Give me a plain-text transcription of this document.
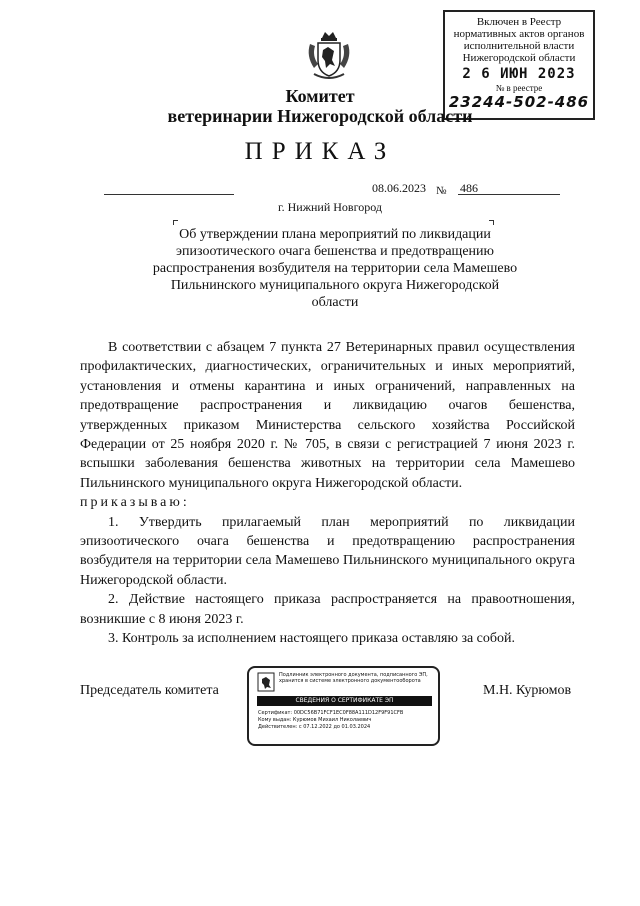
Включен в Реестр
нормативных актов органов
исполнительной власти
Нижегородской области
2 6 ИЮН 2023
№ в реестре
23244-502-486
Комитет
ветеринарии Нижегородской области
ПРИКАЗ
08.06.2023 № 486
г. Нижний Новгород
Об утверждении плана мероприятий по ликвидации эпизоотического очага бешенства и предотвращению распространения возбудителя на территории села Мамешево Пильнинского муниципального округа Нижегородской области

В соответствии с абзацем 7 пункта 27 Ветеринарных правил осуществления профилактических, диагностических, ограничительных и иных мероприятий, установления и отмены карантина и иных ограничений, направленных на предотвращение распространения и ликвидацию очагов бешенства, утвержденных приказом Министерства сельского хозяйства Российской Федерации от 25 ноября 2020 г. № 705, в связи с регистрацией 7 июня 2023 г. вспышки заболевания бешенства животных на территории села Мамешево Пильнинского муниципального округа Нижегородской области.

приказываю:

1. Утвердить прилагаемый план мероприятий по ликвидации эпизоотического очага бешенства и предотвращению распространения возбудителя на территории села Мамешево Пильнинского муниципального округа Нижегородской области.

2. Действие настоящего приказа распространяется на правоотношения, возникшие с 8 июня 2023 г.

3. Контроль за исполнением настоящего приказа оставляю за собой.

Председатель комитета	М.Н. Курюмов
Подлинник электронного документа, подписанного ЭП, хранится в системе электронного документооборота
СВЕДЕНИЯ О СЕРТИФИКАТЕ ЭП
Сертификат: 00DC56B71FCF1EC0F88A111D12F9F91CFB
Кому выдан: Курюмов Михаил Николаевич
Действителен: с 07.12.2022 до 01.03.2024
